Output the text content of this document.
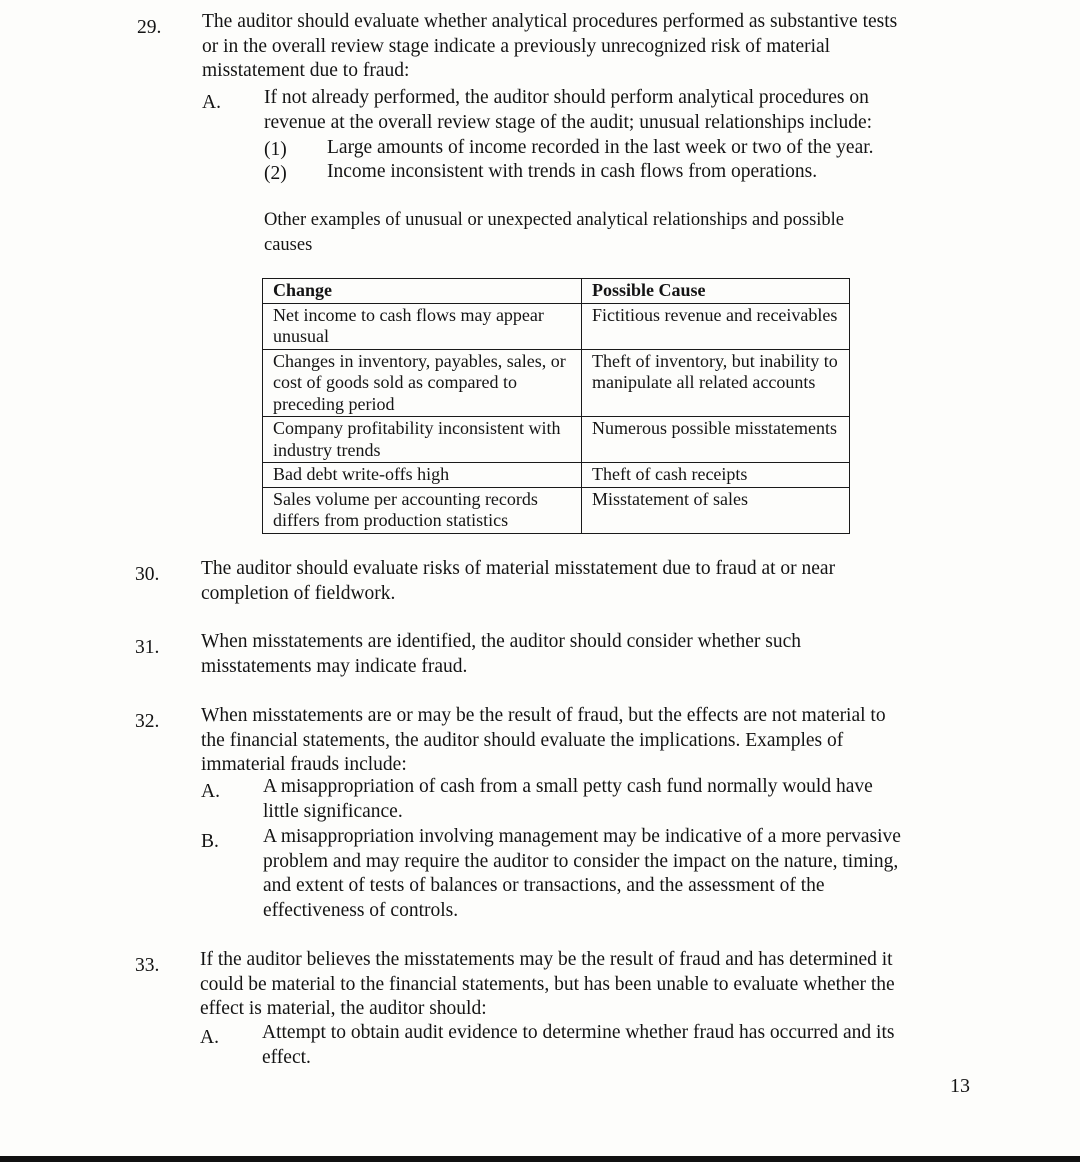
29. The auditor should evaluate whether analytical procedures performed as substantive tests
or in the overall review stage indicate a previously unrecognized risk of material
misstatement due to fraud:
A. If not already performed, the auditor should perform analytical procedures on
revenue at the overall review stage of the audit; unusual relationships include:
(1) Large amounts of income recorded in the last week or two of the year.
(2) Income inconsistent with trends in cash flows from operations.
Other examples of unusual or unexpected analytical relationships and possible
causes
Change	Possible Cause
Net income to cash flows may appear unusual	Fictitious revenue and receivables
Changes in inventory, payables, sales, or cost of goods sold as compared to preceding period	Theft of inventory, but inability to manipulate all related accounts
Company profitability inconsistent with industry trends	Numerous possible misstatements
Bad debt write-offs high	Theft of cash receipts
Sales volume per accounting records differs from production statistics	Misstatement of sales
30. The auditor should evaluate risks of material misstatement due to fraud at or near
completion of fieldwork.
31. When misstatements are identified, the auditor should consider whether such
misstatements may indicate fraud.
32. When misstatements are or may be the result of fraud, but the effects are not material to
the financial statements, the auditor should evaluate the implications. Examples of
immaterial frauds include:
A. A misappropriation of cash from a small petty cash fund normally would have
little significance.
B. A misappropriation involving management may be indicative of a more pervasive
problem and may require the auditor to consider the impact on the nature, timing,
and extent of tests of balances or transactions, and the assessment of the
effectiveness of controls.
33. If the auditor believes the misstatements may be the result of fraud and has determined it
could be material to the financial statements, but has been unable to evaluate whether the
effect is material, the auditor should:
A. Attempt to obtain audit evidence to determine whether fraud has occurred and its
effect.
13
